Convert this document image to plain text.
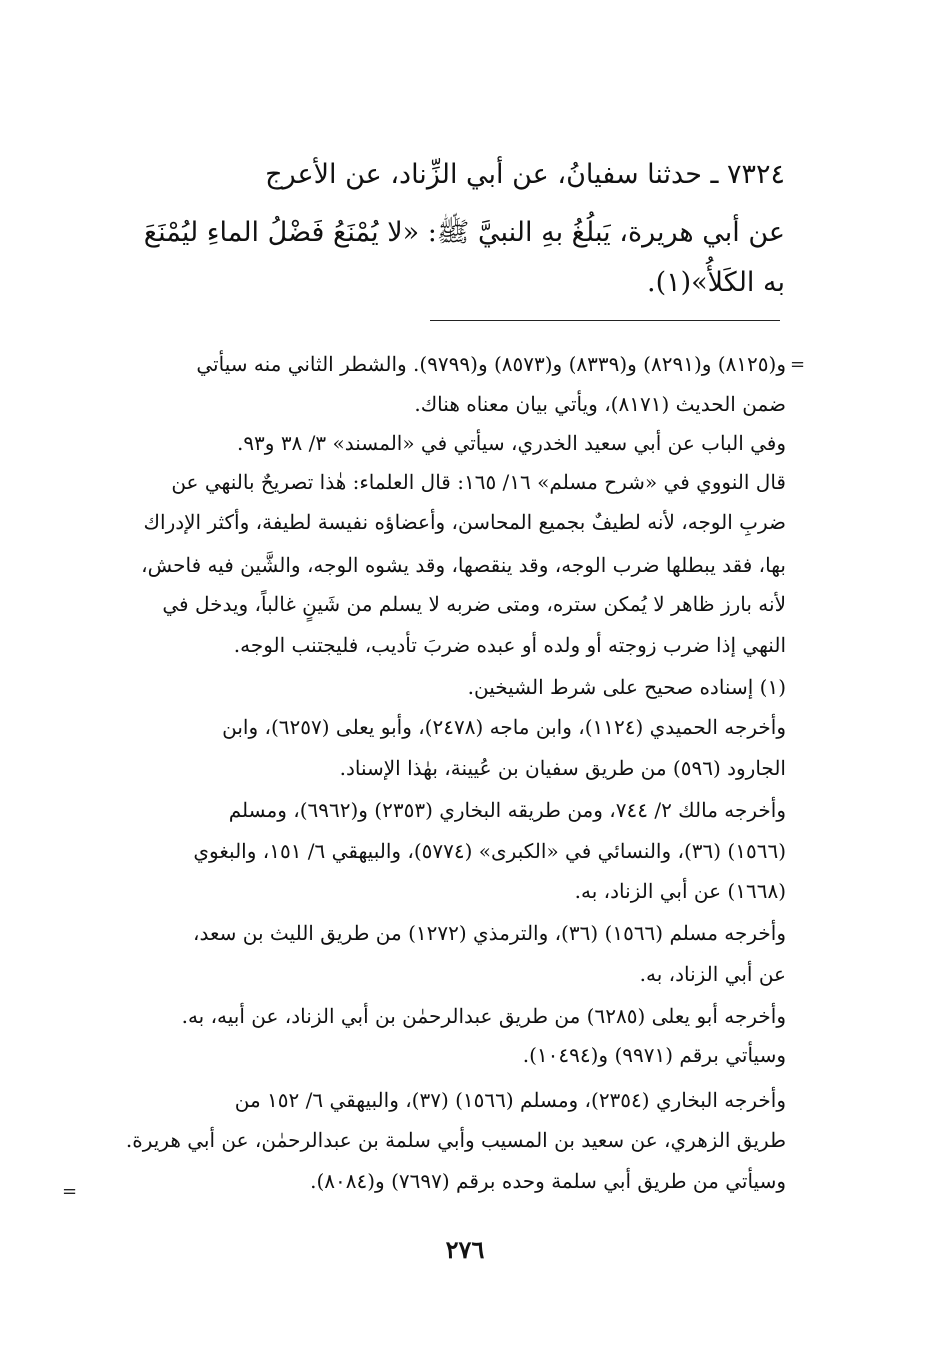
٧٣٢٤ ـ حدثنا سفيانُ، عن أبي الزِّناد، عن الأعرج
عن أبي هريرة، يَبلُغُ بهِ النبيَّ ﷺ: «لا يُمْنَعُ فَضْلُ الماءِ ليُمْنَعَ
به الكَلأُ»(١).
=
و(٨١٢٥) و(٨٢٩١) و(٨٣٣٩) و(٨٥٧٣) و(٩٧٩٩). والشطر الثاني منه سيأتي
ضمن الحديث (٨١٧١)، ويأتي بيان معناه هناك.
وفي الباب عن أبي سعيد الخدري، سيأتي في «المسند» ٣/ ٣٨ و٩٣.
قال النووي في «شرح مسلم» ١٦/ ١٦٥: قال العلماء: هٰذا تصريحٌ بالنهي عن
ضربِ الوجه، لأنه لطيفٌ بجميع المحاسن، وأعضاؤه نفيسة لطيفة، وأكثر الإدراك
بها، فقد يبطلها ضرب الوجه، وقد ينقصها، وقد يشوه الوجه، والشَّين فيه فاحش،
لأنه بارز ظاهر لا يُمكن ستره، ومتى ضربه لا يسلم من شَينٍ غالباً، ويدخل في
النهي إذا ضرب زوجته أو ولده أو عبده ضربَ تأديب، فليجتنب الوجه.
(١) إسناده صحيح على شرط الشيخين.
وأخرجه الحميدي (١١٢٤)، وابن ماجه (٢٤٧٨)، وأبو يعلى (٦٢٥٧)، وابن
الجارود (٥٩٦) من طريق سفيان بن عُيينة، بهٰذا الإسناد.
وأخرجه مالك ٢/ ٧٤٤، ومن طريقه البخاري (٢٣٥٣) و(٦٩٦٢)، ومسلم
(١٥٦٦) (٣٦)، والنسائي في «الكبرى» (٥٧٧٤)، والبيهقي ٦/ ١٥١، والبغوي
(١٦٦٨) عن أبي الزناد، به.
وأخرجه مسلم (١٥٦٦) (٣٦)، والترمذي (١٢٧٢) من طريق الليث بن سعد،
عن أبي الزناد، به.
وأخرجه أبو يعلى (٦٢٨٥) من طريق عبدالرحمٰن بن أبي الزناد، عن أبيه، به.
وسيأتي برقم (٩٩٧١) و(١٠٤٩٤).
وأخرجه البخاري (٢٣٥٤)، ومسلم (١٥٦٦) (٣٧)، والبيهقي ٦/ ١٥٢ من
طريق الزهري، عن سعيد بن المسيب وأبي سلمة بن عبدالرحمٰن، عن أبي هريرة.
وسيأتي من طريق أبي سلمة وحده برقم (٧٦٩٧) و(٨٠٨٤).
=
٢٧٦
